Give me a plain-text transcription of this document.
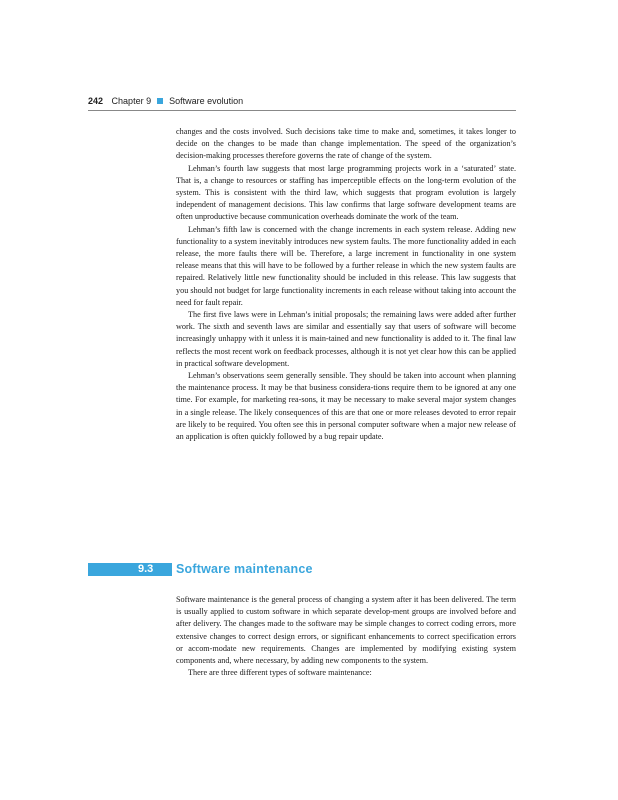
242 Chapter 9 Software evolution

changes and the costs involved. Such decisions take time to make and, sometimes, it takes longer to decide on the changes to be made than change implementation. The speed of the organization’s decision-making processes therefore governs the rate of change of the system.

Lehman’s fourth law suggests that most large programming projects work in a ‘saturated’ state. That is, a change to resources or staffing has imperceptible effects on the long-term evolution of the system. This is consistent with the third law, which suggests that program evolution is largely independent of management decisions. This law confirms that large software development teams are often unproductive because communication overheads dominate the work of the team.

Lehman’s fifth law is concerned with the change increments in each system release. Adding new functionality to a system inevitably introduces new system faults. The more functionality added in each release, the more faults there will be. Therefore, a large increment in functionality in one system release means that this will have to be followed by a further release in which the new system faults are repaired. Relatively little new functionality should be included in this release. This law suggests that you should not budget for large functionality increments in each release without taking into account the need for fault repair.

The first five laws were in Lehman’s initial proposals; the remaining laws were added after further work. The sixth and seventh laws are similar and essentially say that users of software will become increasingly unhappy with it unless it is main-tained and new functionality is added to it. The final law reflects the most recent work on feedback processes, although it is not yet clear how this can be applied in practical software development.

Lehman’s observations seem generally sensible. They should be taken into account when planning the maintenance process. It may be that business considera-tions require them to be ignored at any one time. For example, for marketing rea-sons, it may be necessary to make several major system changes in a single release. The likely consequences of this are that one or more releases devoted to error repair are likely to be required. You often see this in personal computer software when a major new release of an application is often quickly followed by a bug repair update.

9.3 Software maintenance

Software maintenance is the general process of changing a system after it has been delivered. The term is usually applied to custom software in which separate develop-ment groups are involved before and after delivery. The changes made to the software may be simple changes to correct coding errors, more extensive changes to correct design errors, or significant enhancements to correct specification errors or accom-modate new requirements. Changes are implemented by modifying existing system components and, where necessary, by adding new components to the system.

There are three different types of software maintenance:
